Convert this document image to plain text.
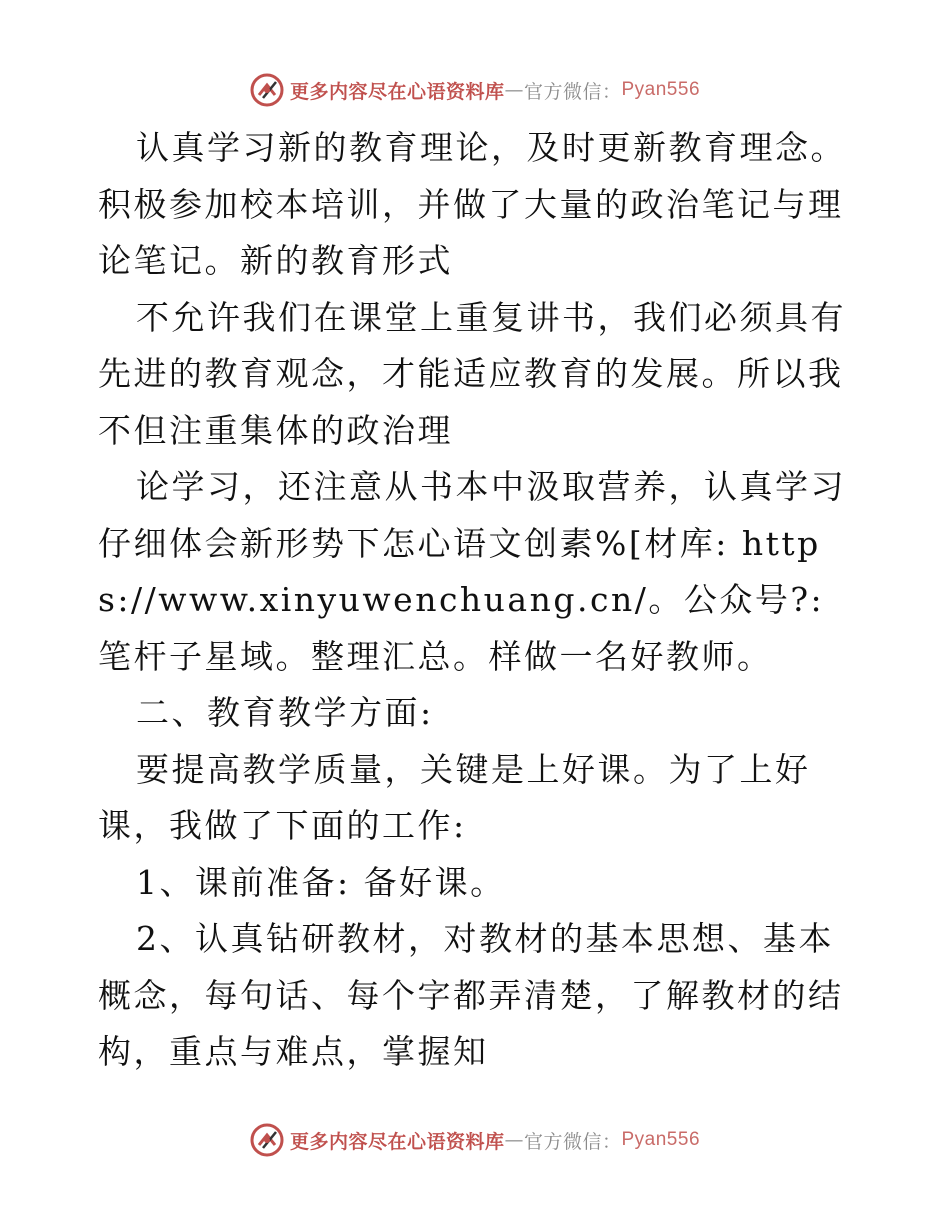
更多内容尽在心语资料库 — 官方微信： Pyan556

认真学习新的教育理论，及时更新教育理念。积极参加校本培训，并做了大量的政治笔记与理论笔记。新的教育形式

不允许我们在课堂上重复讲书，我们必须具有先进的教育观念，才能适应教育的发展。所以我不但注重集体的政治理

论学习，还注意从书本中汲取营养，认真学习仔细体会新形势下怎心语文创素%[材库: https://www.xinyuwenchuang.cn/。公众号?: 笔杆子星域。整理汇总。样做一名好教师。

二、教育教学方面:

要提高教学质量，关键是上好课。为了上好课，我做了下面的工作:

1、课前准备: 备好课。

2、认真钻研教材，对教材的基本思想、基本概念，每句话、每个字都弄清楚，了解教材的结构，重点与难点，掌握知

更多内容尽在心语资料库 — 官方微信： Pyan556
